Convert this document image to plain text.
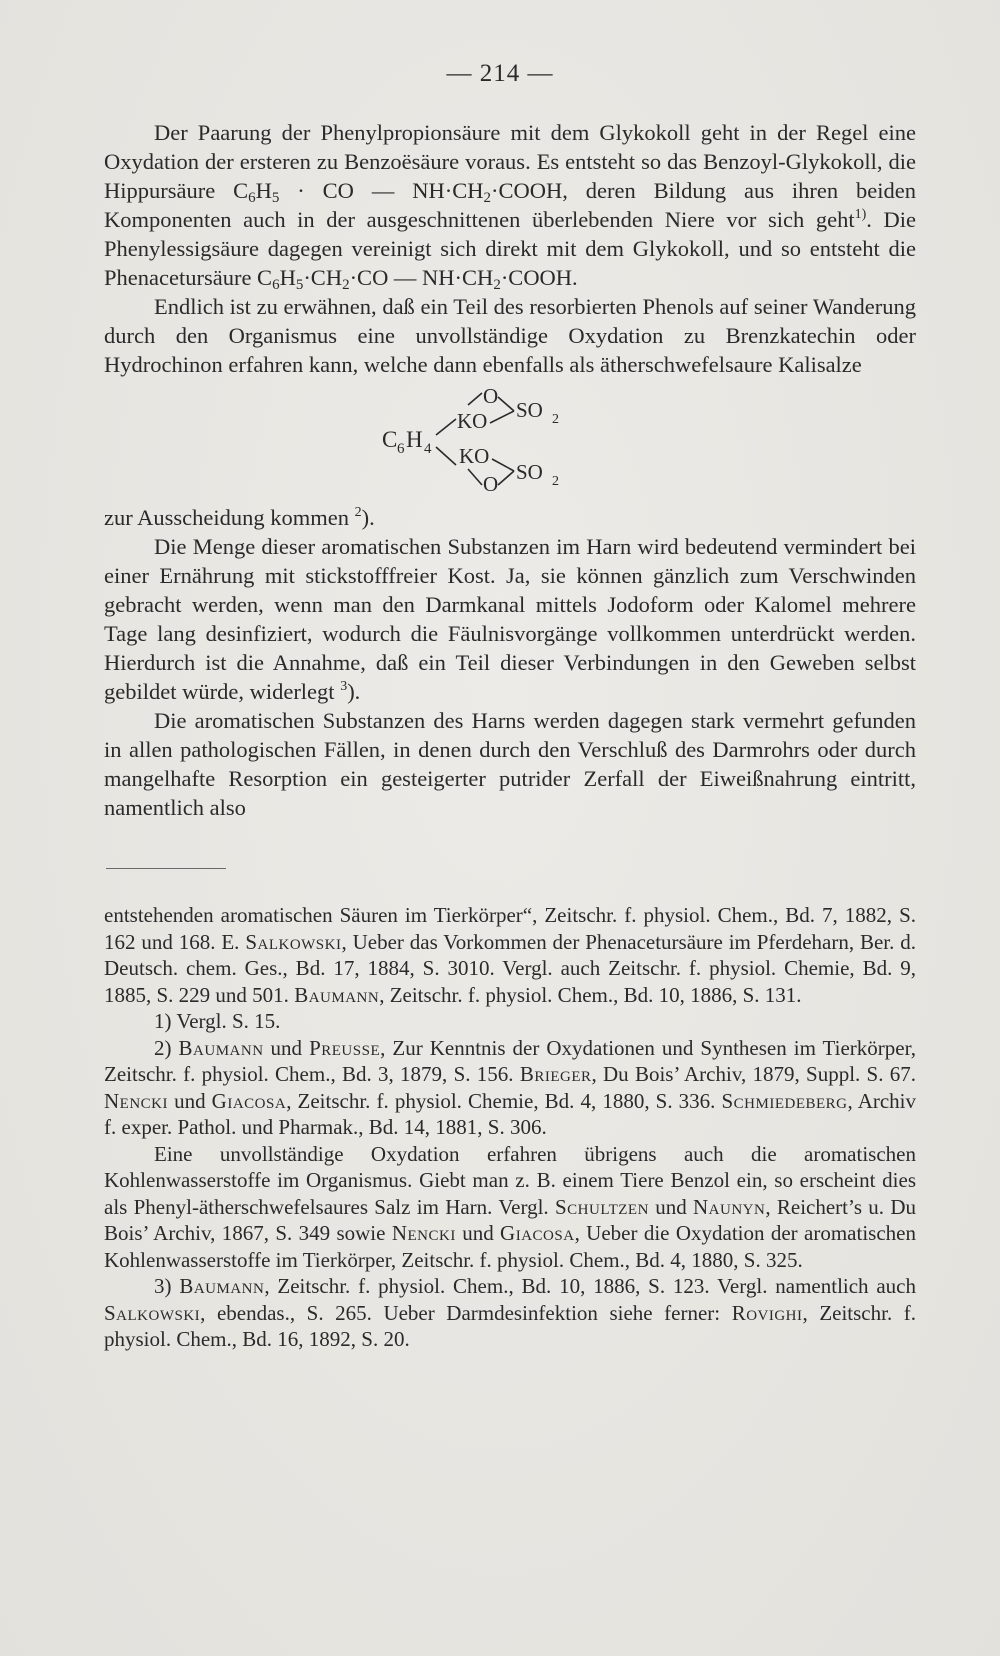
— 214 —

Der Paarung der Phenylpropionsäure mit dem Glykokoll geht in der Regel eine Oxydation der ersteren zu Benzoësäure voraus. Es entsteht so das Benzoyl-Glykokoll, die Hippursäure $C_6H_5$ · CO — $NH\cdot CH_2\cdot COOH$, deren Bildung aus ihren beiden Komponenten auch in der ausgeschnittenen überlebenden Niere vor sich geht$^{1)}$. Die Phenylessigsäure dagegen vereinigt sich direkt mit dem Glykokoll, und so entsteht die Phenacetursäure $C_6H_5\cdot CH_2\cdot CO$ — $NH\cdot CH_2\cdot COOH$.

Endlich ist zu erwähnen, daß ein Teil des resorbierten Phenols auf seiner Wanderung durch den Organismus eine unvollständige Oxydation zu Brenzkatechin oder Hydrochinon erfahren kann, welche dann ebenfalls als ätherschwefelsaure Kalisalze

C 6 H 4
O
KO SO 2
KO
O SO 2

zur Ausscheidung kommen $^2$).

Die Menge dieser aromatischen Substanzen im Harn wird bedeutend vermindert bei einer Ernährung mit stickstofffreier Kost. Ja, sie können gänzlich zum Verschwinden gebracht werden, wenn man den Darmkanal mittels Jodoform oder Kalomel mehrere Tage lang desinfiziert, wodurch die Fäulnisvorgänge vollkommen unterdrückt werden. Hierdurch ist die Annahme, daß ein Teil dieser Verbindungen in den Geweben selbst gebildet würde, widerlegt $^3$).

Die aromatischen Substanzen des Harns werden dagegen stark vermehrt gefunden in allen pathologischen Fällen, in denen durch den Verschluß des Darmrohrs oder durch mangelhafte Resorption ein gesteigerter putrider Zerfall der Eiweißnahrung eintritt, namentlich also

entstehenden aromatischen Säuren im Tierkörper“, Zeitschr. f. physiol. Chem., Bd. 7, 1882, S. 162 und 168. E. Salkowski, Ueber das Vorkommen der Phenacetursäure im Pferdeharn, Ber. d. Deutsch. chem. Ges., Bd. 17, 1884, S. 3010. Vergl. auch Zeitschr. f. physiol. Chemie, Bd. 9, 1885, S. 229 und 501. Baumann, Zeitschr. f. physiol. Chem., Bd. 10, 1886, S. 131.

1) Vergl. S. 15.

2) Baumann und Preusse, Zur Kenntnis der Oxydationen und Synthesen im Tierkörper, Zeitschr. f. physiol. Chem., Bd. 3, 1879, S. 156. Brieger, Du Bois’ Archiv, 1879, Suppl. S. 67. Nencki und Giacosa, Zeitschr. f. physiol. Chemie, Bd. 4, 1880, S. 336. Schmiedeberg, Archiv f. exper. Pathol. und Pharmak., Bd. 14, 1881, S. 306.

Eine unvollständige Oxydation erfahren übrigens auch die aromatischen Kohlenwasserstoffe im Organismus. Giebt man z. B. einem Tiere Benzol ein, so erscheint dies als Phenyl-ätherschwefelsaures Salz im Harn. Vergl. Schultzen und Naunyn, Reichert’s u. Du Bois’ Archiv, 1867, S. 349 sowie Nencki und Giacosa, Ueber die Oxydation der aromatischen Kohlenwasserstoffe im Tierkörper, Zeitschr. f. physiol. Chem., Bd. 4, 1880, S. 325.

3) Baumann, Zeitschr. f. physiol. Chem., Bd. 10, 1886, S. 123. Vergl. namentlich auch Salkowski, ebendas., S. 265. Ueber Darmdesinfektion siehe ferner: Rovighi, Zeitschr. f. physiol. Chem., Bd. 16, 1892, S. 20.
